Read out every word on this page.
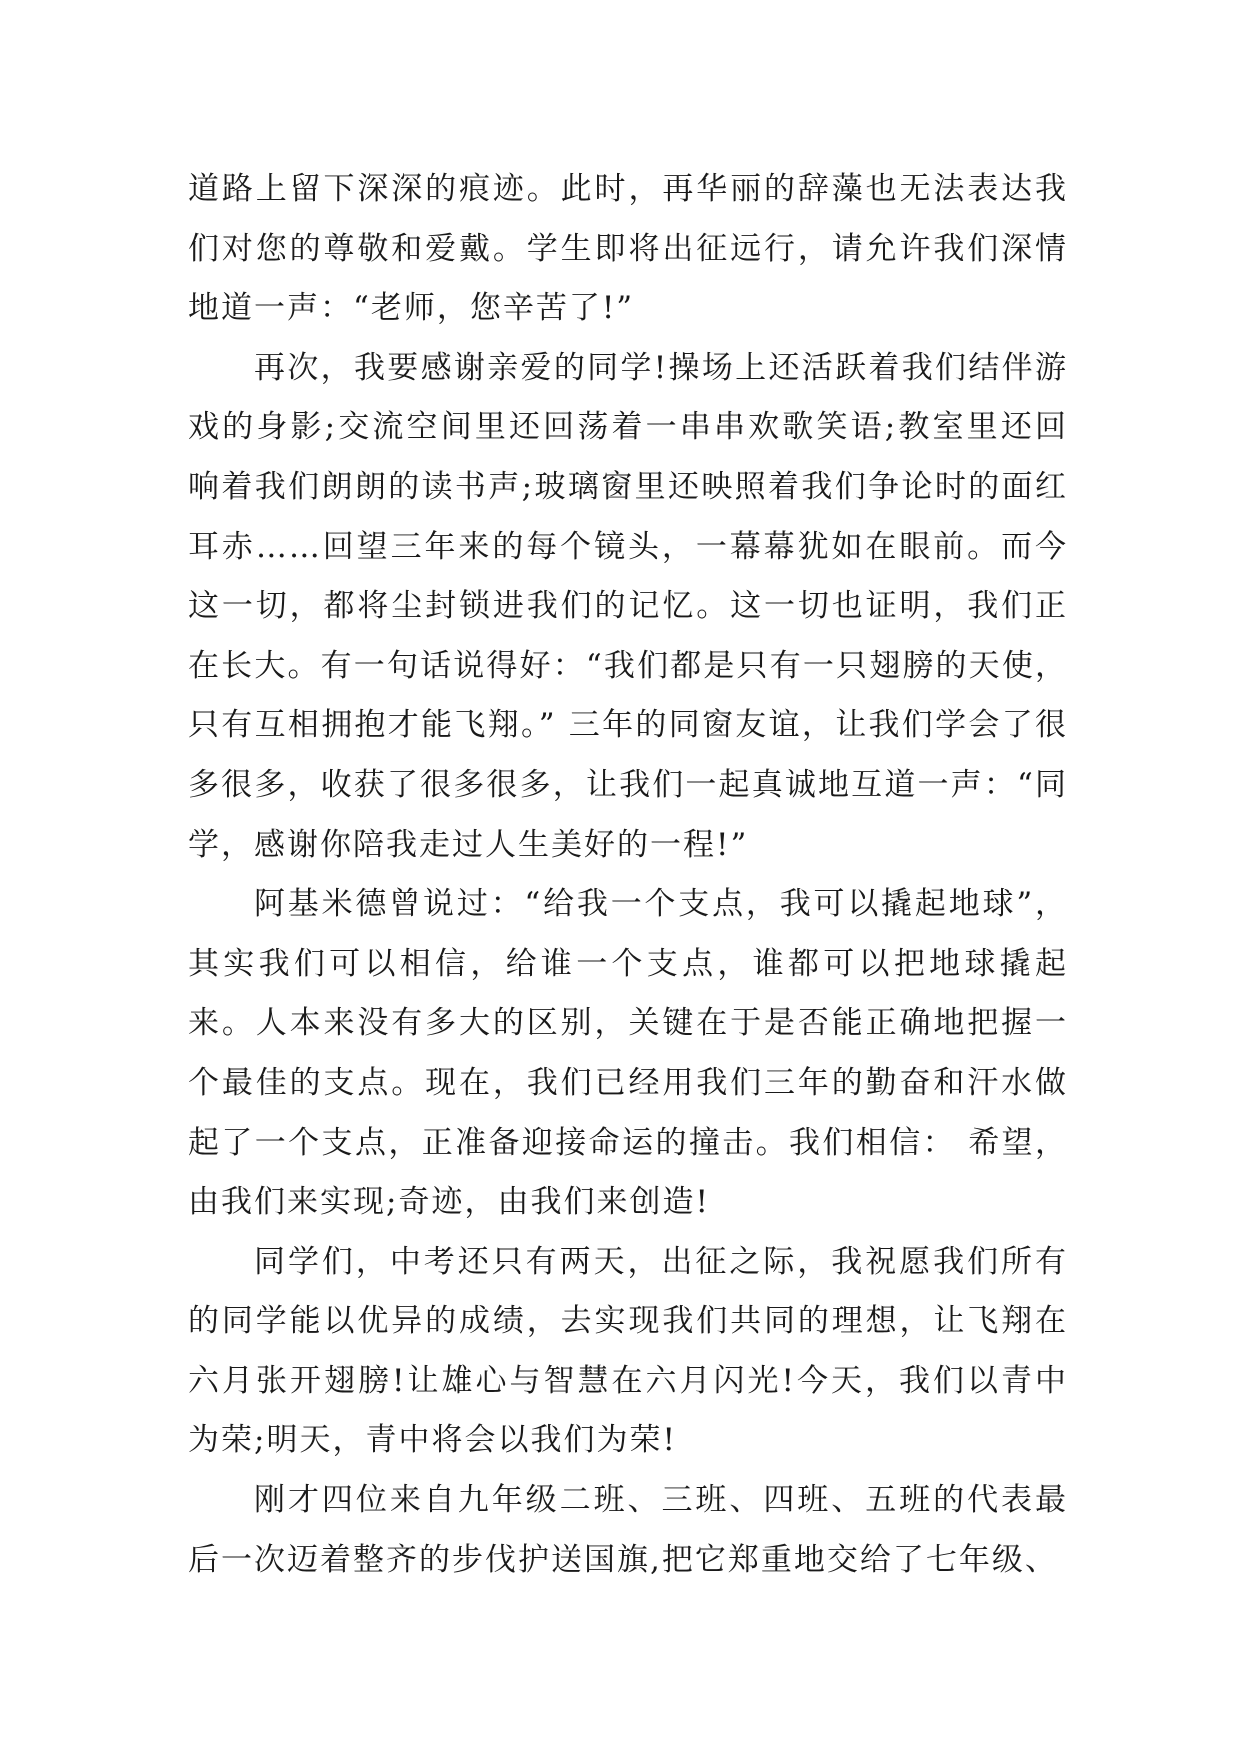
道路上留下深深的痕迹。此时，再华丽的辞藻也无法表达我们对您的尊敬和爱戴。学生即将出征远行，请允许我们深情地道一声：“老师，您辛苦了!”

再次，我要感谢亲爱的同学!操场上还活跃着我们结伴游戏的身影;交流空间里还回荡着一串串欢歌笑语;教室里还回响着我们朗朗的读书声;玻璃窗里还映照着我们争论时的面红耳赤……回望三年来的每个镜头，一幕幕犹如在眼前。而今这一切，都将尘封锁进我们的记忆。这一切也证明，我们正在长大。有一句话说得好：“我们都是只有一只翅膀的天使，只有互相拥抱才能飞翔。” 三年的同窗友谊，让我们学会了很多很多，收获了很多很多，让我们一起真诚地互道一声：“同学，感谢你陪我走过人生美好的一程!”

阿基米德曾说过：“给我一个支点，我可以撬起地球”，其实我们可以相信，给谁一个支点，谁都可以把地球撬起来。人本来没有多大的区别，关键在于是否能正确地把握一个最佳的支点。现在，我们已经用我们三年的勤奋和汗水做起了一个支点，正准备迎接命运的撞击。我们相信： 希望，由我们来实现;奇迹，由我们来创造!

同学们，中考还只有两天，出征之际，我祝愿我们所有的同学能以优异的成绩，去实现我们共同的理想，让飞翔在六月张开翅膀!让雄心与智慧在六月闪光!今天，我们以青中为荣;明天，青中将会以我们为荣!

刚才四位来自九年级二班、三班、四班、五班的代表最后一次迈着整齐的步伐护送国旗,把它郑重地交给了七年级、
